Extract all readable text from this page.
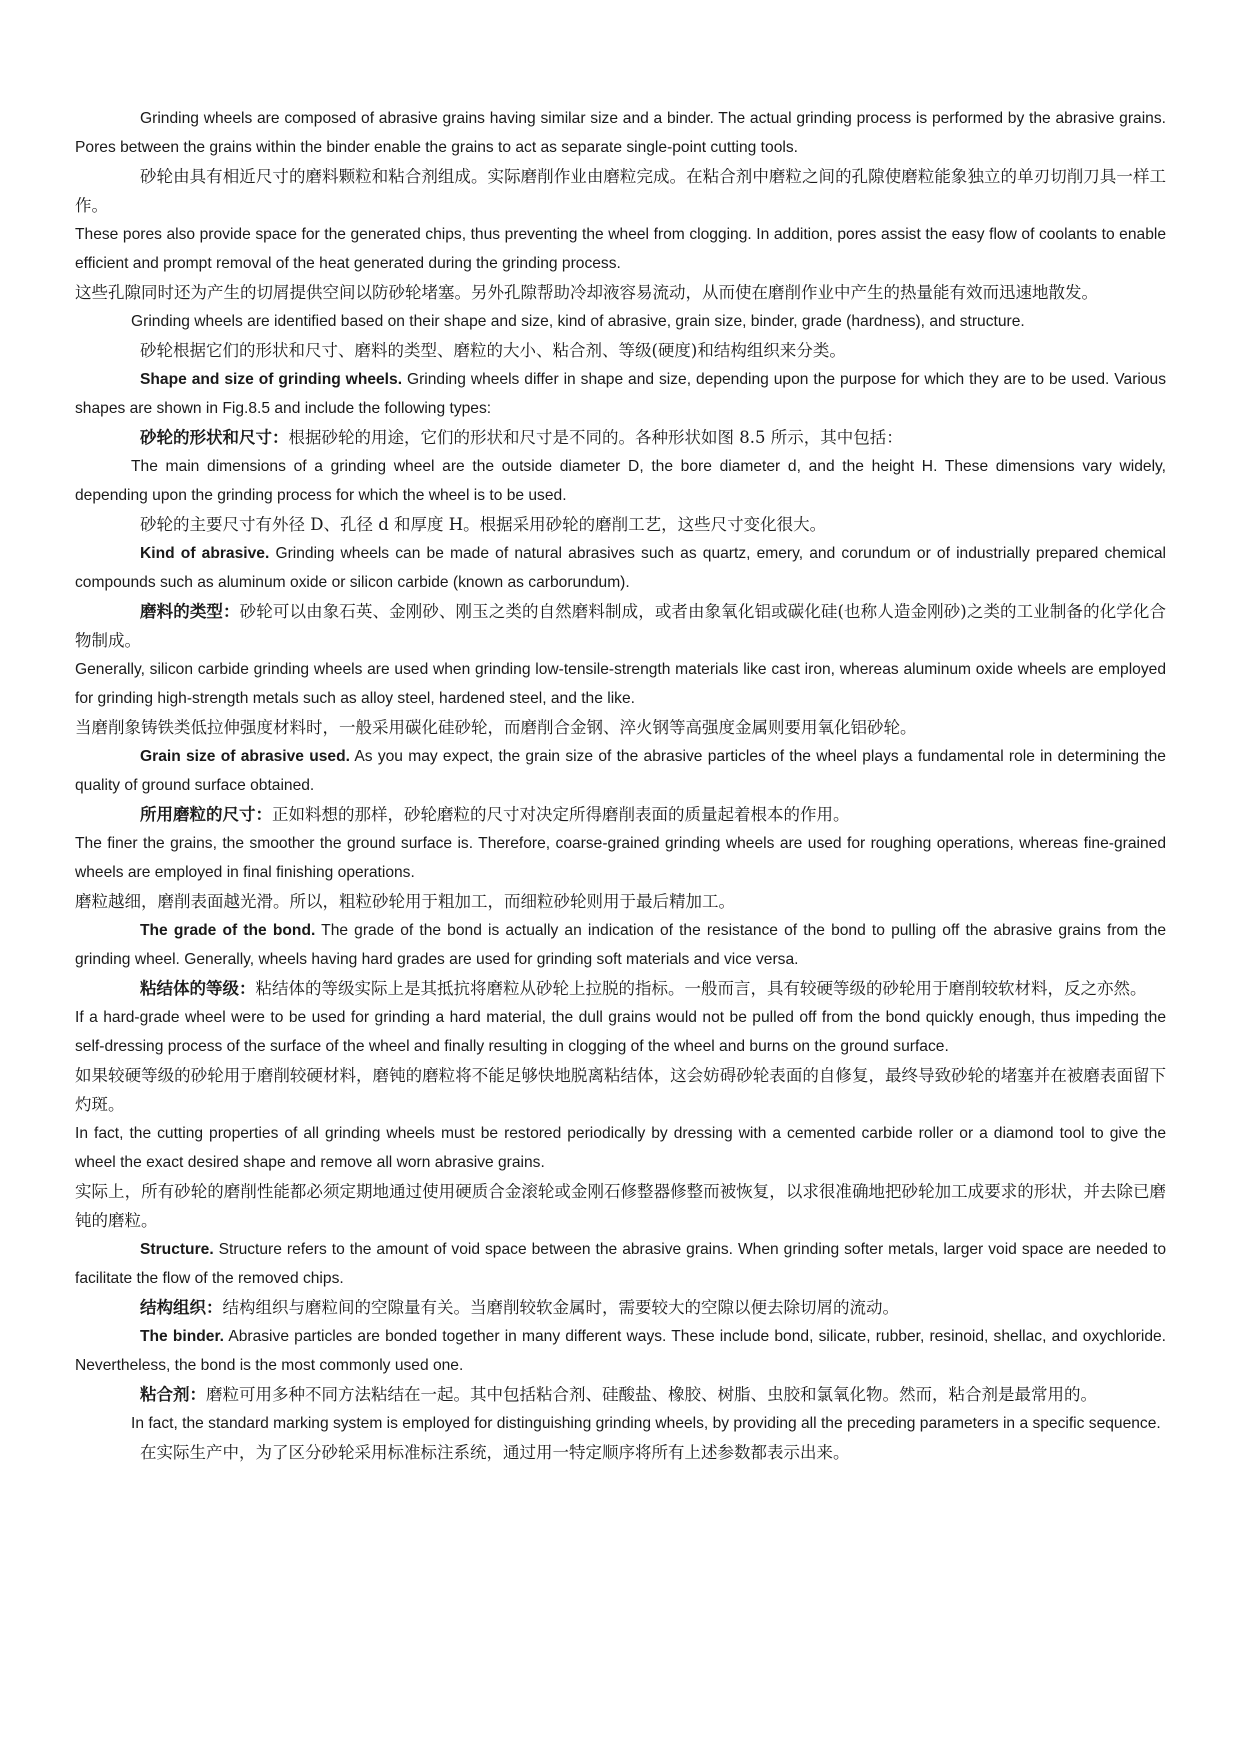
Grinding wheels are composed of abrasive grains having similar size and a binder. The actual grinding process is performed by the abrasive grains. Pores between the grains within the binder enable the grains to act as separate single-point cutting tools.

砂轮由具有相近尺寸的磨料颗粒和粘合剂组成。实际磨削作业由磨粒完成。在粘合剂中磨粒之间的孔隙使磨粒能象独立的单刃切削刀具一样工作。

These pores also provide space for the generated chips, thus preventing the wheel from clogging. In addition, pores assist the easy flow of coolants to enable efficient and prompt removal of the heat generated during the grinding process.

这些孔隙同时还为产生的切屑提供空间以防砂轮堵塞。另外孔隙帮助冷却液容易流动，从而使在磨削作业中产生的热量能有效而迅速地散发。

Grinding wheels are identified based on their shape and size, kind of abrasive, grain size, binder, grade (hardness), and structure.

砂轮根据它们的形状和尺寸、磨料的类型、磨粒的大小、粘合剂、等级(硬度)和结构组织来分类。

Shape and size of grinding wheels. Grinding wheels differ in shape and size, depending upon the purpose for which they are to be used. Various shapes are shown in Fig.8.5 and include the following types:

砂轮的形状和尺寸：根据砂轮的用途，它们的形状和尺寸是不同的。各种形状如图 8.5 所示，其中包括：

The main dimensions of a grinding wheel are the outside diameter D, the bore diameter d, and the height H. These dimensions vary widely, depending upon the grinding process for which the wheel is to be used.

砂轮的主要尺寸有外径 D、孔径 d 和厚度 H。根据采用砂轮的磨削工艺，这些尺寸变化很大。

Kind of abrasive. Grinding wheels can be made of natural abrasives such as quartz, emery, and corundum or of industrially prepared chemical compounds such as aluminum oxide or silicon carbide (known as carborundum).

磨料的类型：砂轮可以由象石英、金刚砂、刚玉之类的自然磨料制成，或者由象氧化铝或碳化硅(也称人造金刚砂)之类的工业制备的化学化合物制成。

Generally, silicon carbide grinding wheels are used when grinding low-tensile-strength materials like cast iron, whereas aluminum oxide wheels are employed for grinding high-strength metals such as alloy steel, hardened steel, and the like.

当磨削象铸铁类低拉伸强度材料时，一般采用碳化硅砂轮，而磨削合金钢、淬火钢等高强度金属则要用氧化铝砂轮。

Grain size of abrasive used. As you may expect, the grain size of the abrasive particles of the wheel plays a fundamental role in determining the quality of ground surface obtained.

所用磨粒的尺寸：正如料想的那样，砂轮磨粒的尺寸对决定所得磨削表面的质量起着根本的作用。

The finer the grains, the smoother the ground surface is. Therefore, coarse-grained grinding wheels are used for roughing operations, whereas fine-grained wheels are employed in final finishing operations.

磨粒越细，磨削表面越光滑。所以，粗粒砂轮用于粗加工，而细粒砂轮则用于最后精加工。

The grade of the bond. The grade of the bond is actually an indication of the resistance of the bond to pulling off the abrasive grains from the grinding wheel. Generally, wheels having hard grades are used for grinding soft materials and vice versa.

粘结体的等级：粘结体的等级实际上是其抵抗将磨粒从砂轮上拉脱的指标。一般而言，具有较硬等级的砂轮用于磨削较软材料，反之亦然。

If a hard-grade wheel were to be used for grinding a hard material, the dull grains would not be pulled off from the bond quickly enough, thus impeding the self-dressing process of the surface of the wheel and finally resulting in clogging of the wheel and burns on the ground surface.

如果较硬等级的砂轮用于磨削较硬材料，磨钝的磨粒将不能足够快地脱离粘结体，这会妨碍砂轮表面的自修复，最终导致砂轮的堵塞并在被磨表面留下灼斑。

In fact, the cutting properties of all grinding wheels must be restored periodically by dressing with a cemented carbide roller or a diamond tool to give the wheel the exact desired shape and remove all worn abrasive grains.

实际上，所有砂轮的磨削性能都必须定期地通过使用硬质合金滚轮或金刚石修整器修整而被恢复，以求很准确地把砂轮加工成要求的形状，并去除已磨钝的磨粒。

Structure. Structure refers to the amount of void space between the abrasive grains. When grinding softer metals, larger void space are needed to facilitate the flow of the removed chips.

结构组织：结构组织与磨粒间的空隙量有关。当磨削较软金属时，需要较大的空隙以便去除切屑的流动。

The binder. Abrasive particles are bonded together in many different ways. These include bond, silicate, rubber, resinoid, shellac, and oxychloride. Nevertheless, the bond is the most commonly used one.

粘合剂：磨粒可用多种不同方法粘结在一起。其中包括粘合剂、硅酸盐、橡胶、树脂、虫胶和氯氧化物。然而，粘合剂是最常用的。

In fact, the standard marking system is employed for distinguishing grinding wheels, by providing all the preceding parameters in a specific sequence.

在实际生产中，为了区分砂轮采用标准标注系统，通过用一特定顺序将所有上述参数都表示出来。
